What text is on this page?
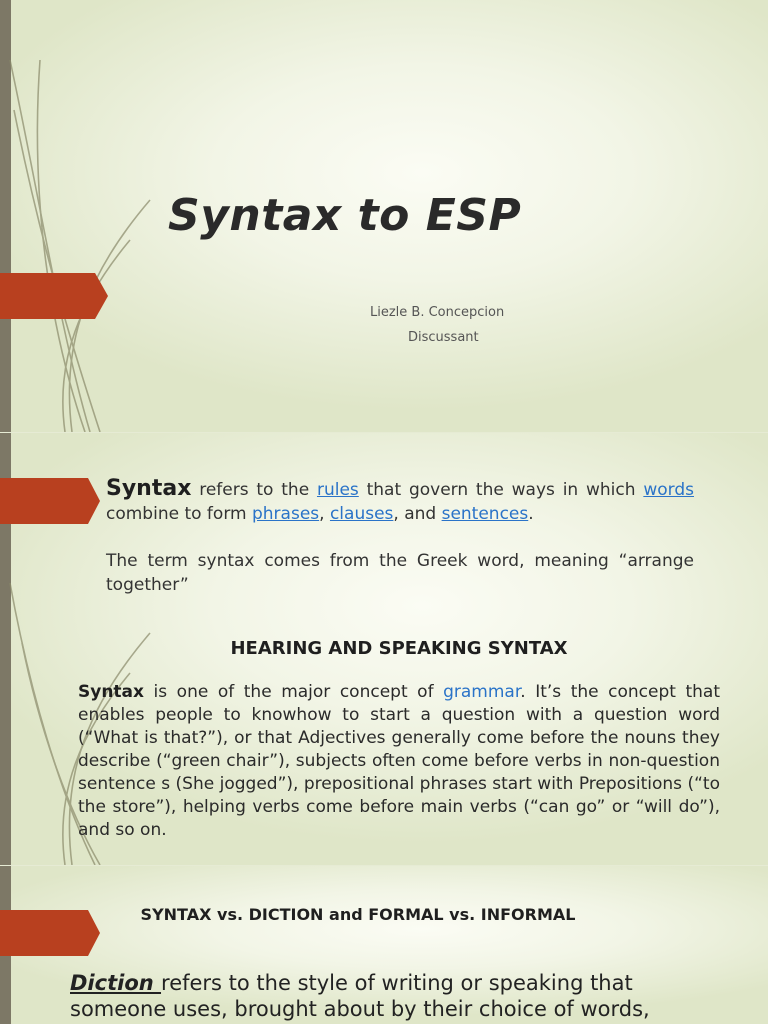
Syntax to ESP
Liezle B. Concepcion
Discussant
Syntax refers to the rules that govern the ways in which words combine to form phrases, clauses, and sentences.
The term syntax comes from the Greek word, meaning “arrange together”
HEARING AND SPEAKING SYNTAX
Syntax is one of the major concept of grammar. It’s the concept that enables people to knowhow to start a question with a question word (“What is that?”), or that Adjectives generally come before the nouns they describe (“green chair”), subjects often come before verbs in non-question sentence s (She jogged”), prepositional phrases start with Prepositions (“to the store”), helping verbs come before main verbs (“can go” or “will do”), and so on.
SYNTAX vs. DICTION and FORMAL vs. INFORMAL
Diction refers to the style of writing or speaking that someone uses, brought about by their choice of words,
